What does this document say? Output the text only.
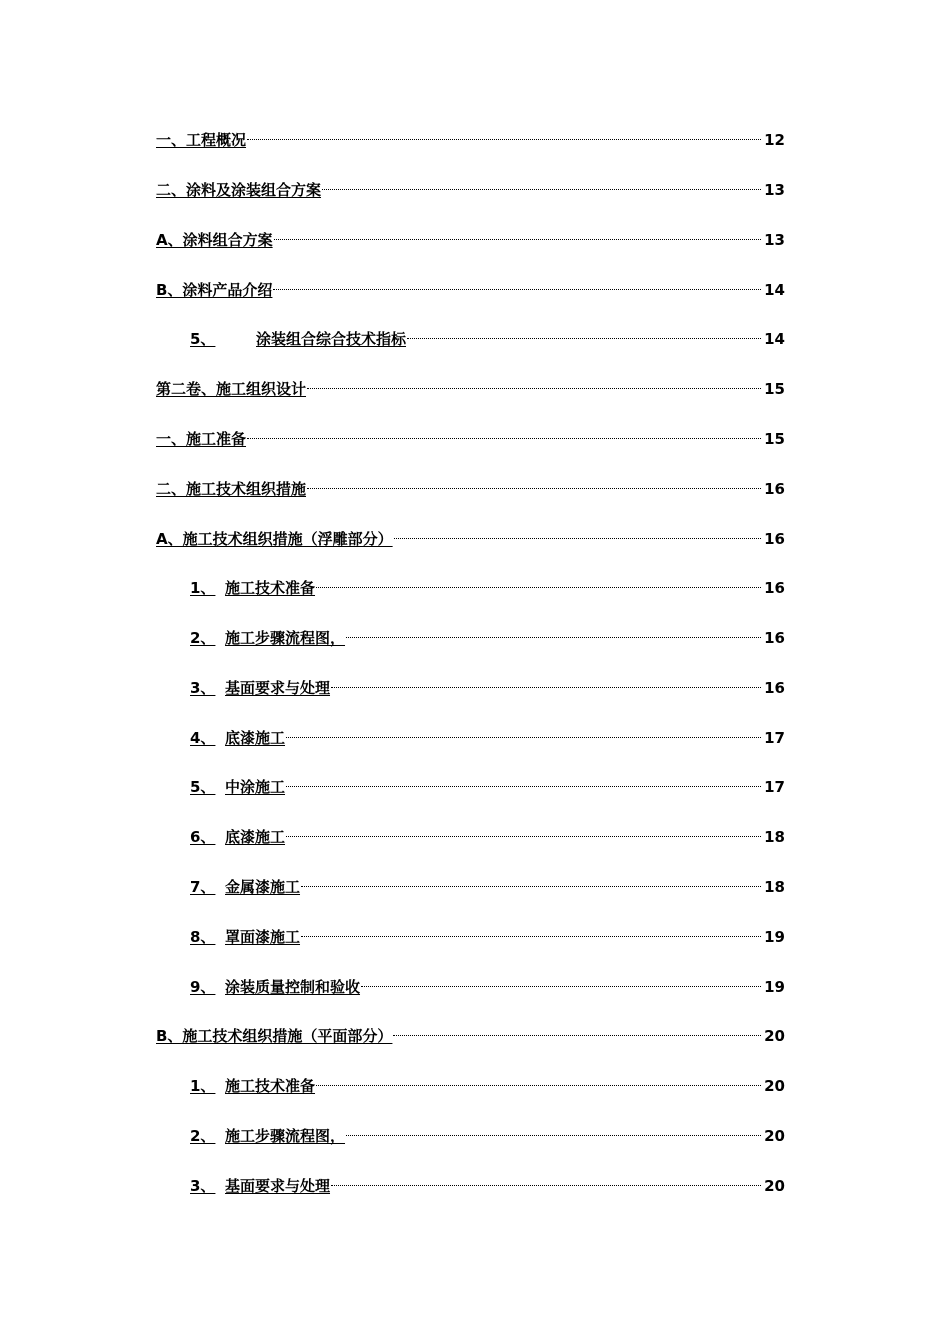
一、工程概况	12
二、涂料及涂装组合方案	13
A、涂料组合方案	13
B、涂料产品介绍	14
5、	涂装组合综合技术指标	14
第二卷、施工组织设计	15
一、施工准备	15
二、施工技术组织措施	16
A、施工技术组织措施（浮雕部分）	16
1、 施工技术准备	16
2、 施工步骤流程图，	16
3、 基面要求与处理	16
4、 底漆施工	17
5、 中涂施工	17
6、 底漆施工	18
7、 金属漆施工	18
8、 罩面漆施工	19
9、 涂装质量控制和验收	19
B、施工技术组织措施（平面部分）	20
1、 施工技术准备	20
2、 施工步骤流程图，	20
3、 基面要求与处理	20
